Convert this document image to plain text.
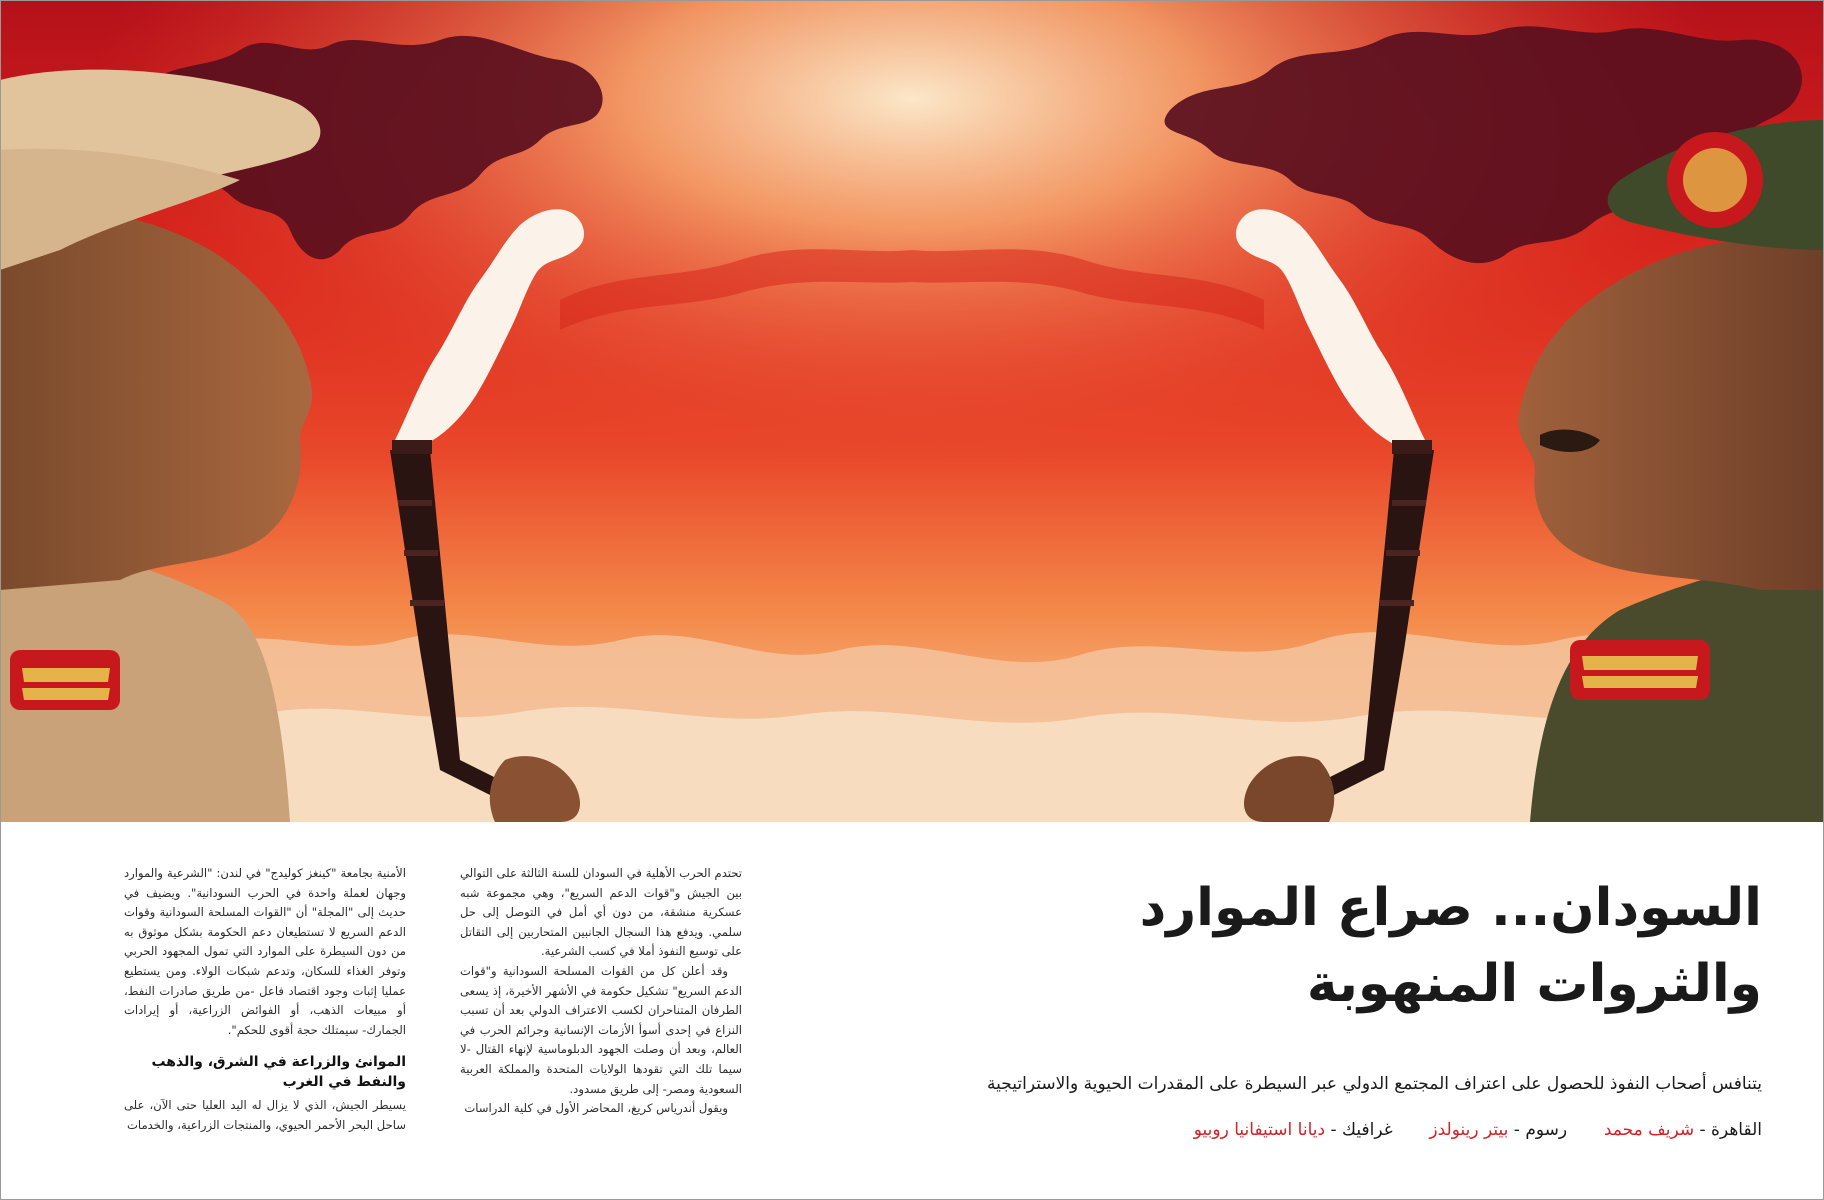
السودان... صراع الموارد
والثروات المنهوبة

يتنافس أصحاب النفوذ للحصول على اعتراف المجتمع الدولي عبر السيطرة على المقدرات الحيوية والاستراتيجية

القاهرة - شريف محمد  رسوم - بيتر رينولدز  غرافيك - ديانا استيفانيا روبيو

تحتدم الحرب الأهلية في السودان للسنة الثالثة على التوالي بين الجيش و"قوات الدعم السريع"، وهي مجموعة شبه عسكرية منشقة، من دون أي أمل في التوصل إلى حل سلمي. ويدفع هذا السجال الجانبين المتحاربين إلى التقاتل على توسيع النفوذ أملا في كسب الشرعية.

وقد أعلن كل من القوات المسلحة السودانية و"قوات الدعم السريع" تشكيل حكومة في الأشهر الأخيرة، إذ يسعى الطرفان المتناحران لكسب الاعتراف الدولي بعد أن تسبب النزاع في إحدى أسوأ الأزمات الإنسانية وجرائم الحرب في العالم، وبعد أن وصلت الجهود الدبلوماسية لإنهاء القتال -لا سيما تلك التي تقودها الولايات المتحدة والمملكة العربية السعودية ومصر- إلى طريق مسدود.

ويقول أندرياس كريغ، المحاضر الأول في كلية الدراسات

الأمنية بجامعة "كينغز كوليدج" في لندن: "الشرعية والموارد وجهان لعملة واحدة في الحرب السودانية". ويضيف في حديث إلى "المجلة" أن "القوات المسلحة السودانية وقوات الدعم السريع لا تستطيعان دعم الحكومة بشكل موثوق به من دون السيطرة على الموارد التي تمول المجهود الحربي وتوفر الغذاء للسكان، وتدعم شبكات الولاء. ومن يستطيع عمليا إثبات وجود اقتصاد فاعل -من طريق صادرات النفط، أو مبيعات الذهب، أو الفوائض الزراعية، أو إيرادات الجمارك- سيمتلك حجة أقوى للحكم".

الموانئ والزراعة في الشرق، والذهب والنفط في الغرب

يسيطر الجيش، الذي لا يزال له اليد العليا حتى الآن، على ساحل البحر الأحمر الحيوي، والمنتجات الزراعية، والخدمات
